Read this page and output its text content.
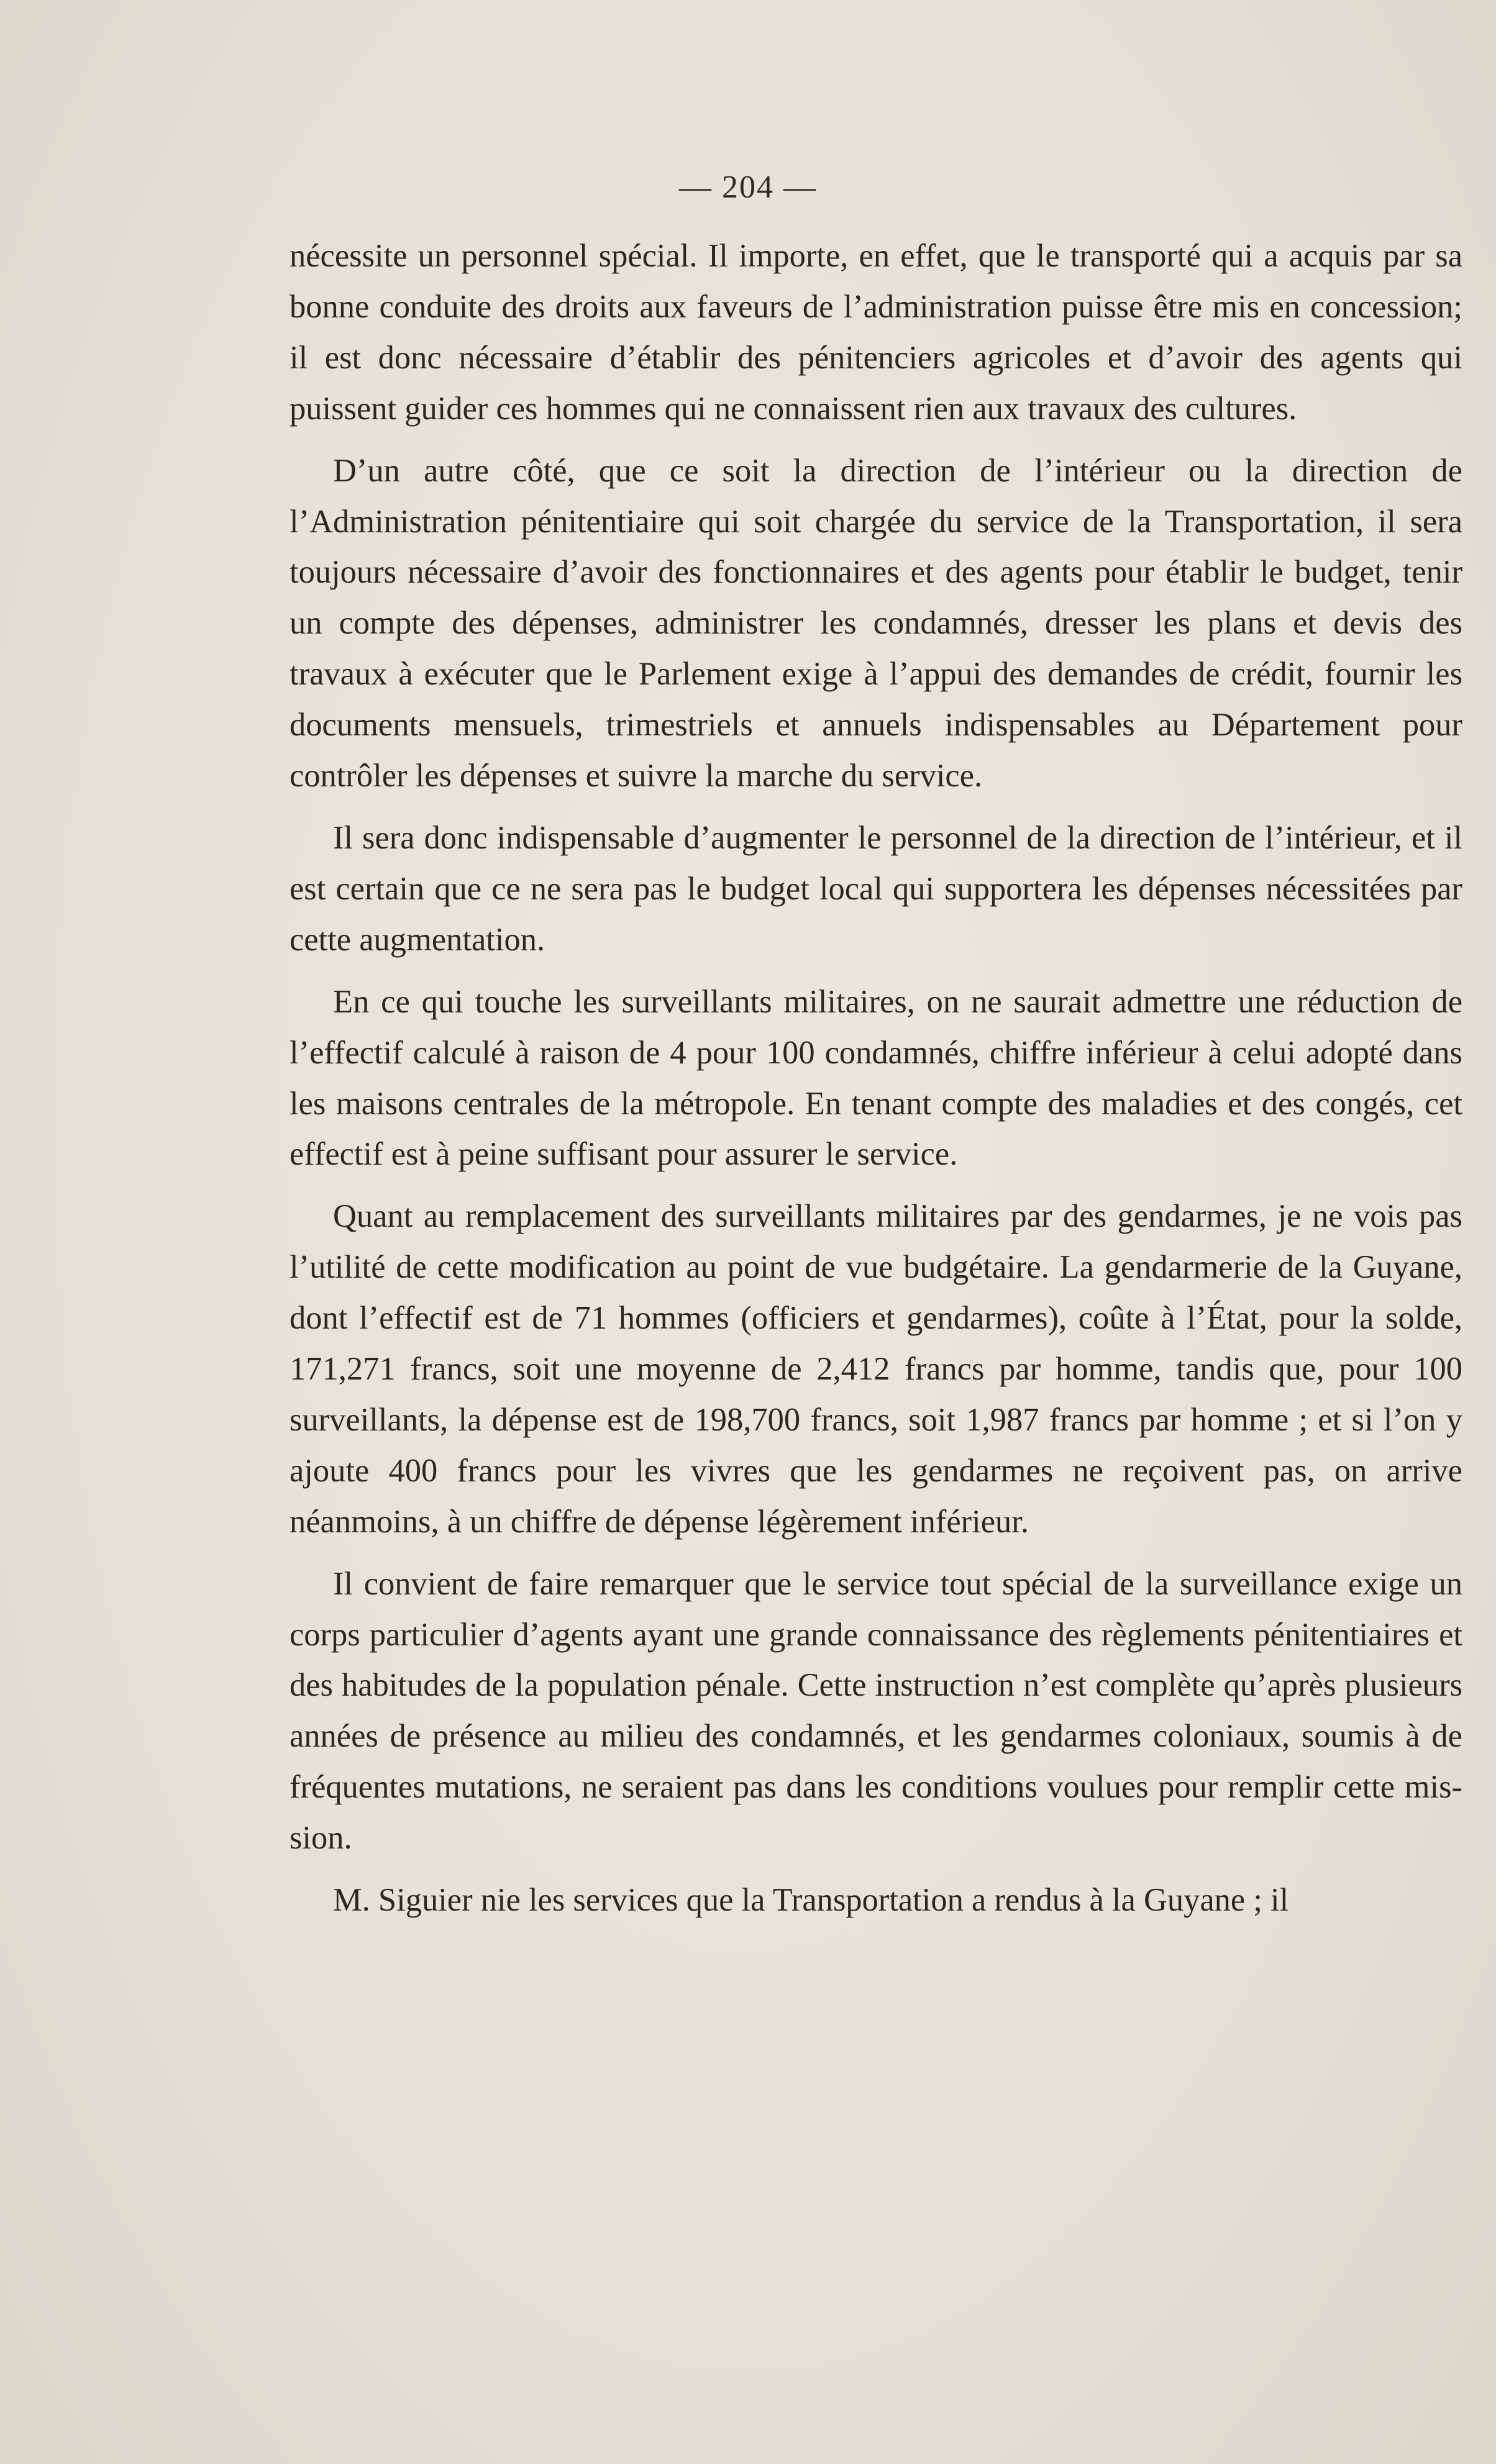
— 204 —

nécessite un personnel spécial. Il importe, en effet, que le transporté qui a acquis par sa bonne conduite des droits aux faveurs de l’administration puisse être mis en concession; il est donc nécessaire d’établir des pénitenciers agricoles et d’avoir des agents qui puissent guider ces hommes qui ne connaissent rien aux travaux des cultures.

D’un autre côté, que ce soit la direction de l’intérieur ou la direction de l’Administration pénitentiaire qui soit chargée du service de la Transportation, il sera toujours nécessaire d’avoir des fonctionnaires et des agents pour établir le budget, tenir un compte des dépenses, administrer les condamnés, dresser les plans et devis des travaux à exécuter que le Parlement exige à l’appui des demandes de crédit, fournir les documents mensuels, trimestriels et annuels indispensables au Département pour contrôler les dépenses et suivre la marche du service.

Il sera donc indispensable d’augmenter le personnel de la direction de l’intérieur, et il est certain que ce ne sera pas le budget local qui supportera les dépenses nécessitées par cette augmentation.

En ce qui touche les surveillants militaires, on ne saurait admettre une réduction de l’effectif calculé à raison de 4 pour 100 condamnés, chiffre inférieur à celui adopté dans les maisons centrales de la métropole. En tenant compte des maladies et des congés, cet effectif est à peine suffisant pour assurer le service.

Quant au remplacement des surveillants militaires par des gendarmes, je ne vois pas l’utilité de cette modification au point de vue budgétaire. La gendarmerie de la Guyane, dont l’effectif est de 71 hommes (officiers et gendarmes), coûte à l’État, pour la solde, 171,271 francs, soit une moyenne de 2,412 francs par homme, tandis que, pour 100 surveillants, la dépense est de 198,700 francs, soit 1,987 francs par homme ; et si l’on y ajoute 400 francs pour les vivres que les gendarmes ne reçoivent pas, on arrive néanmoins, à un chiffre de dépense légèrement inférieur.

Il convient de faire remarquer que le service tout spécial de la surveillance exige un corps particulier d’agents ayant une grande connaissance des règlements pénitentiaires et des habitudes de la population pénale. Cette instruction n’est complète qu’après plusieurs années de présence au milieu des condamnés, et les gendarmes coloniaux, soumis à de fréquentes mutations, ne seraient pas dans les conditions voulues pour remplir cette mission.

M. Siguier nie les services que la Transportation a rendus à la Guyane ; il
